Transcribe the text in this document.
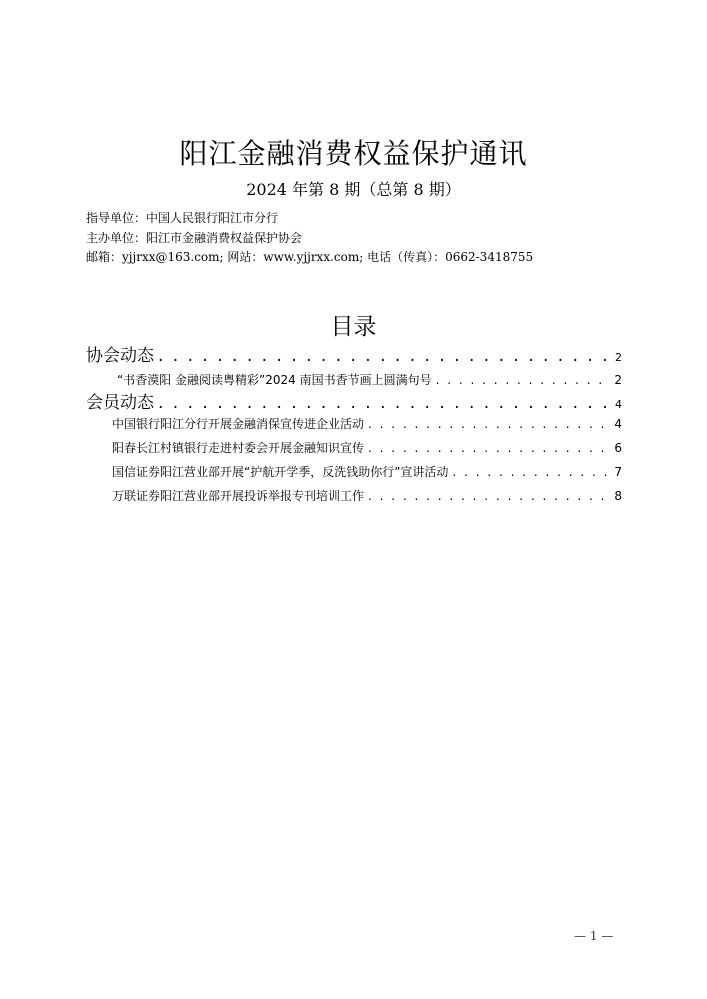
阳江金融消费权益保护通讯

2024 年第 8 期（总第 8 期）

指导单位：中国人民银行阳江市分行

主办单位：阳江市金融消费权益保护协会

邮箱：yjjrxx@163.com; 网站：www.yjjrxx.com; 电话（传真）：0662-3418755

目录
协会动态 . . .	2
“书香漠阳 金融阅读粤精彩”2024 南国书香节画上圆满句号 . . .	2
会员动态 . . .	4
中国银行阳江分行开展金融消保宣传进企业活动 . . .	4
阳春长江村镇银行走进村委会开展金融知识宣传 . . .	6
国信证券阳江营业部开展“护航开学季，反洗钱助你行”宣讲活动 . . .	7
万联证券阳江营业部开展投诉举报专刊培训工作 . . .	8

— 1 —
